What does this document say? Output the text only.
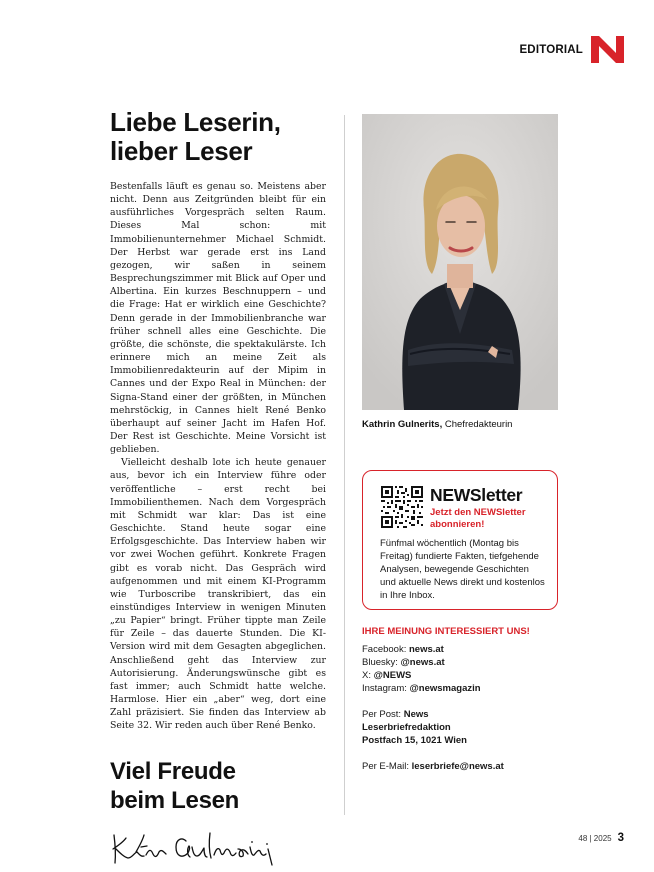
EDITORIAL
Liebe Leserin,
lieber Leser

Bestenfalls läuft es genau so. Meistens aber nicht. Denn aus Zeitgründen bleibt für ein ausführliches Vorgespräch selten Raum. Dieses Mal schon: mit Immobilienunternehmer Michael Schmidt. Der Herbst war gerade erst ins Land gezogen, wir saßen in seinem Besprechungszimmer mit Blick auf Oper und Albertina. Ein kurzes Beschnuppern – und die Frage: Hat er wirklich eine Geschichte? Denn gerade in der Immobilienbranche war früher schnell alles eine Geschichte. Die größte, die schönste, die spektakulärste. Ich erinnere mich an meine Zeit als Immobilienredakteurin auf der Mipim in Cannes und der Expo Real in München: der Signa-Stand einer der größten, in München mehrstöckig, in Cannes hielt René Benko überhaupt auf seiner Jacht im Hafen Hof. Der Rest ist Geschichte. Meine Vorsicht ist geblieben.

Vielleicht deshalb lote ich heute genauer aus, bevor ich ein Interview führe oder veröffentliche – erst recht bei Immobilienthemen. Nach dem Vorgespräch mit Schmidt war klar: Das ist eine Geschichte. Stand heute sogar eine Erfolgsgeschichte. Das Interview haben wir vor zwei Wochen geführt. Konkrete Fragen gibt es vorab nicht. Das Gespräch wird aufgenommen und mit einem KI-Programm wie Turboscribe transkribiert, das ein einstündiges Interview in wenigen Minuten „zu Papier“ bringt. Früher tippte man Zeile für Zeile – das dauerte Stunden. Die KI-Version wird mit dem Gesagten abgeglichen. Anschließend geht das Interview zur Autorisierung. Änderungswünsche gibt es fast immer; auch Schmidt hatte welche. Harmlose. Hier ein „aber“ weg, dort eine Zahl präzisiert. Sie finden das Interview ab Seite 32. Wir reden auch über René Benko.

Viel Freude
beim Lesen
Kathrin Gulnerits, Chefredakteurin
NEWSletter
Jetzt den NEWSletter abonnieren!
Fünfmal wöchentlich (Montag bis Freitag) fundierte Fakten, tiefgehende Analysen, bewegende Geschichten und aktuelle News direkt und kostenlos in Ihre Inbox.
IHRE MEINUNG INTERESSIERT UNS!
Facebook: news.at
Bluesky: @news.at
X: @NEWS
Instagram: @newsmagazin
Per Post: News
Leserbriefredaktion
Postfach 15, 1021 Wien
Per E-Mail: leserbriefe@news.at
48 | 2025 3
